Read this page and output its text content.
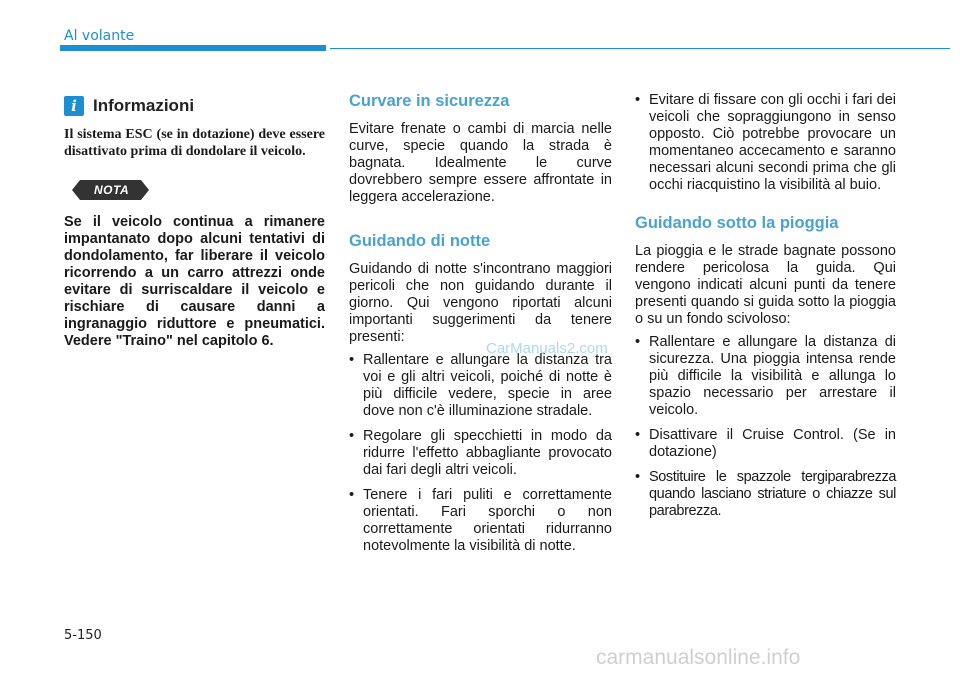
Al volante
i Informazioni

Il sistema ESC (se in dotazione) deve essere disattivato prima di dondolare il veicolo.

NOTA

Se il veicolo continua a rimanere impantanato dopo alcuni tentativi di dondolamento, far liberare il veicolo ricorrendo a un carro attrezzi onde evitare di surriscaldare il veicolo e rischiare di causare danni a ingranaggio riduttore e pneumatici. Vedere "Traino" nel capitolo 6.

Curvare in sicurezza

Evitare frenate o cambi di marcia nelle curve, specie quando la strada è bagnata. Idealmente le curve dovrebbero sempre essere affrontate in leggera accelerazione.

Guidando di notte

Guidando di notte s'incontrano maggiori pericoli che non guidando durante il giorno. Qui vengono riportati alcuni importanti suggerimenti da tenere presenti:

• Rallentare e allungare la distanza tra voi e gli altri veicoli, poiché di notte è più difficile vedere, specie in aree dove non c'è illuminazione stradale.
• Regolare gli specchietti in modo da ridurre l'effetto abbagliante provocato dai fari degli altri veicoli.
• Tenere i fari puliti e correttamente orientati. Fari sporchi o non correttamente orientati ridurranno notevolmente la visibilità di notte.
• Evitare di fissare con gli occhi i fari dei veicoli che sopraggiungono in senso opposto. Ciò potrebbe provocare un momentaneo accecamento e saranno necessari alcuni secondi prima che gli occhi riacquistino la visibilità al buio.
Guidando sotto la pioggia

La pioggia e le strade bagnate possono rendere pericolosa la guida. Qui vengono indicati alcuni punti da tenere presenti quando si guida sotto la pioggia o su un fondo scivoloso:

• Rallentare e allungare la distanza di sicurezza. Una pioggia intensa rende più difficile la visibilità e allunga lo spazio necessario per arrestare il veicolo.
• Disattivare il Cruise Control. (Se in dotazione)
• Sostituire le spazzole tergiparabrezza quando lasciano striature o chiazze sul parabrezza.
CarManuals2.com
5-150
carmanualsonline.info
